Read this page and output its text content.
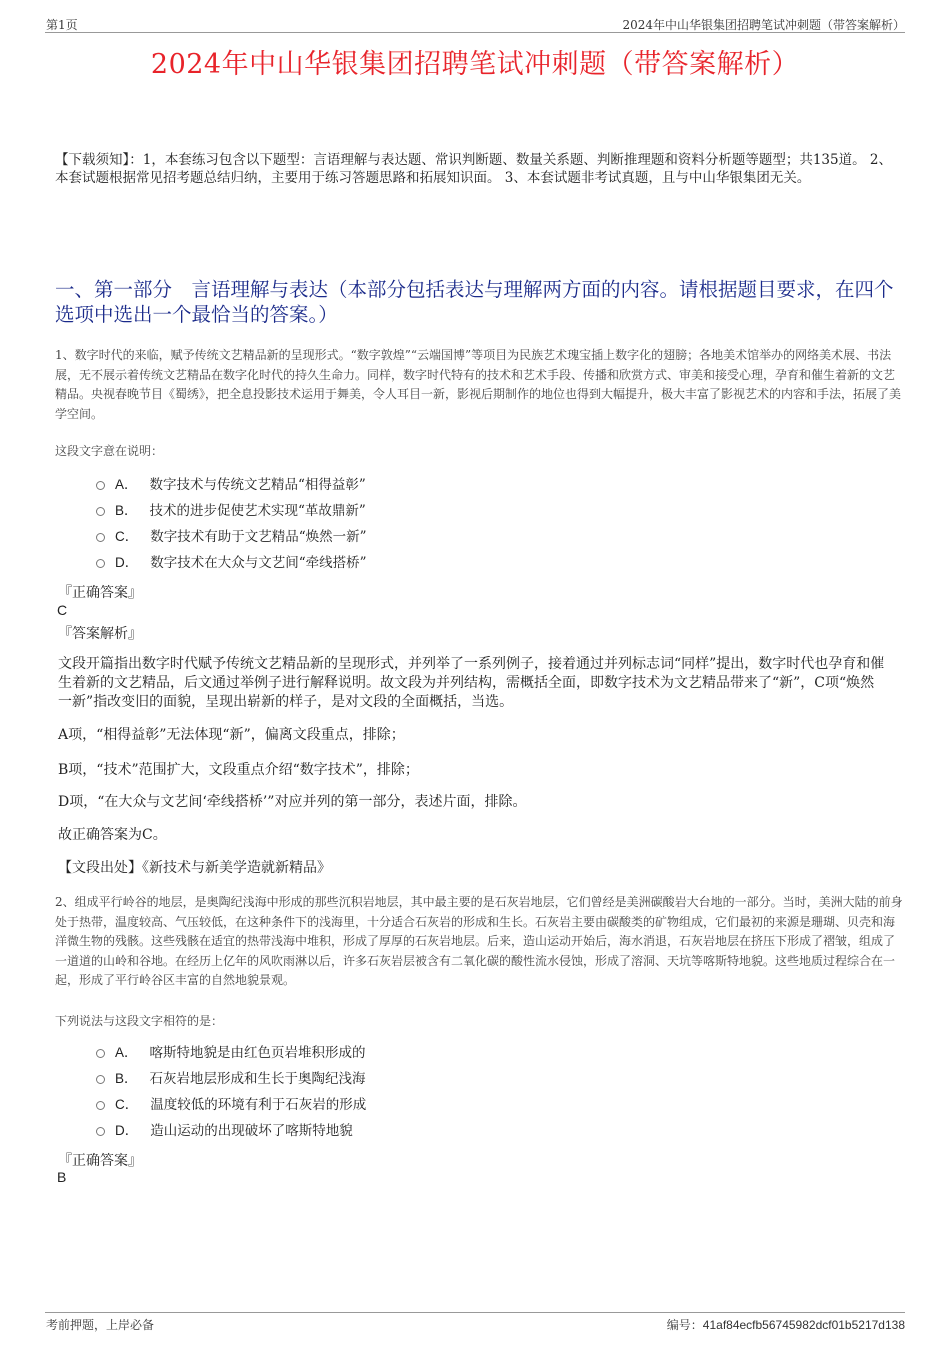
第1页	2024年中山华银集团招聘笔试冲刺题（带答案解析）
2024年中山华银集团招聘笔试冲刺题（带答案解析）
【下载须知】：1，本套练习包含以下题型：言语理解与表达题、常识判断题、数量关系题、判断推理题和资料分析题等题型；共135道。 2、本套试题根据常见招考题总结归纳，主要用于练习答题思路和拓展知识面。 3、本套试题非考试真题，且与中山华银集团无关。
一、第一部分　言语理解与表达（本部分包括表达与理解两方面的内容。请根据题目要求，在四个选项中选出一个最恰当的答案。）
1、数字时代的来临，赋予传统文艺精品新的呈现形式。“数字敦煌”“云端国博”等项目为民族艺术瑰宝插上数字化的翅膀；各地美术馆举办的网络美术展、书法展，无不展示着传统文艺精品在数字化时代的持久生命力。同样，数字时代特有的技术和艺术手段、传播和欣赏方式、审美和接受心理，孕育和催生着新的文艺精品。央视春晚节目《蜀绣》，把全息投影技术运用于舞美，令人耳目一新，影视后期制作的地位也得到大幅提升，极大丰富了影视艺术的内容和手法，拓展了美学空间。
这段文字意在说明：
A． 数字技术与传统文艺精品“相得益彰”
B． 技术的进步促使艺术实现“革故鼎新”
C． 数字技术有助于文艺精品“焕然一新”
D． 数字技术在大众与文艺间“牵线搭桥”
『正确答案』
C
『答案解析』
文段开篇指出数字时代赋予传统文艺精品新的呈现形式，并列举了一系列例子，接着通过并列标志词“同样”提出，数字时代也孕育和催生着新的文艺精品，后文通过举例子进行解释说明。故文段为并列结构，需概括全面，即数字技术为文艺精品带来了“新”，C项“焕然一新”指改变旧的面貌，呈现出崭新的样子，是对文段的全面概括，当选。
A项，“相得益彰”无法体现“新”，偏离文段重点，排除；
B项，“技术”范围扩大，文段重点介绍“数字技术”，排除；
D项，“在大众与文艺间‘牵线搭桥’”对应并列的第一部分，表述片面，排除。
故正确答案为C。
【文段出处】《新技术与新美学造就新精品》
2、组成平行岭谷的地层，是奥陶纪浅海中形成的那些沉积岩地层，其中最主要的是石灰岩地层，它们曾经是美洲碳酸岩大台地的一部分。当时，美洲大陆的前身处于热带，温度较高、气压较低，在这种条件下的浅海里，十分适合石灰岩的形成和生长。石灰岩主要由碳酸类的矿物组成，它们最初的来源是珊瑚、贝壳和海洋微生物的残骸。这些残骸在适宜的热带浅海中堆积，形成了厚厚的石灰岩地层。后来，造山运动开始后，海水消退，石灰岩地层在挤压下形成了褶皱，组成了一道道的山岭和谷地。在经历上亿年的风吹雨淋以后，许多石灰岩层被含有二氧化碳的酸性流水侵蚀，形成了溶洞、天坑等喀斯特地貌。这些地质过程综合在一起，形成了平行岭谷区丰富的自然地貌景观。
下列说法与这段文字相符的是：
A． 喀斯特地貌是由红色页岩堆积形成的
B． 石灰岩地层形成和生长于奥陶纪浅海
C． 温度较低的环境有利于石灰岩的形成
D． 造山运动的出现破坏了喀斯特地貌
『正确答案』
B
考前押题，上岸必备	编号：41af84ecfb56745982dcf01b5217d138
